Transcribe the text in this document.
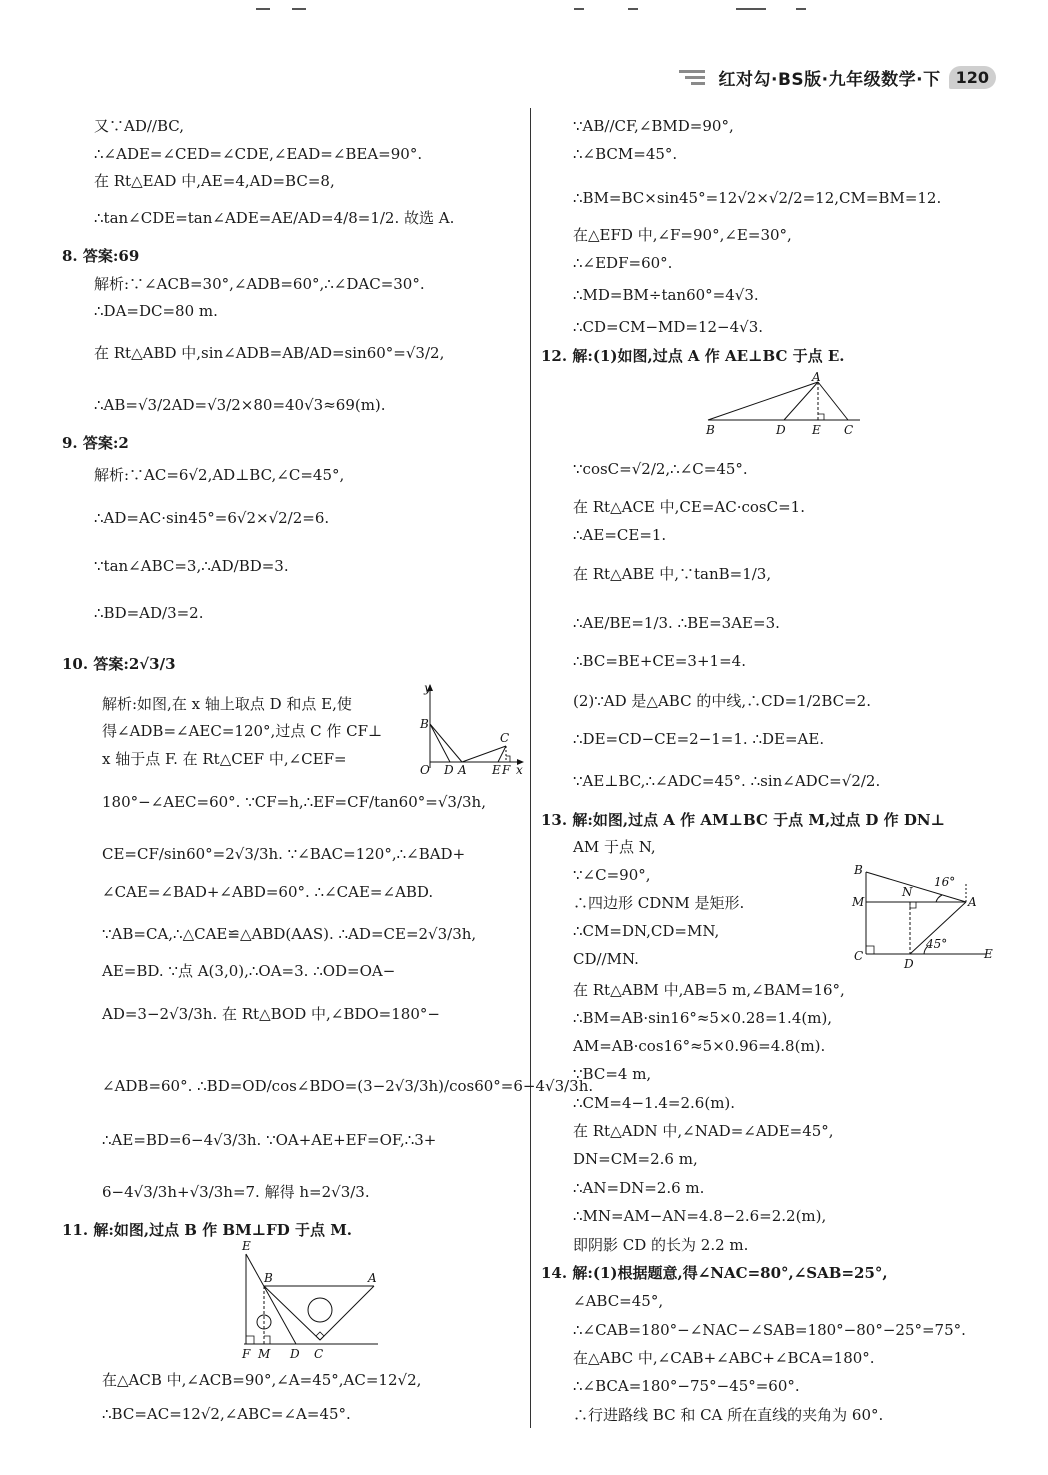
红对勾·BS版·九年级数学·下 120
又∵AD//BC,
∴∠ADE=∠CED=∠CDE,∠EAD=∠BEA=90°.
在 Rt△EAD 中,AE=4,AD=BC=8,
∴tan∠CDE=tan∠ADE=AE/AD=4/8=1/2. 故选 A.
8. 答案:69
解析:∵∠ACB=30°,∠ADB=60°,∴∠DAC=30°.
∴DA=DC=80 m.
在 Rt△ABD 中,sin∠ADB=AB/AD=sin60°=√3/2,
∴AB=√3/2AD=√3/2×80=40√3≈69(m).
9. 答案:2
解析:∵AC=6√2,AD⊥BC,∠C=45°,
∴AD=AC·sin45°=6√2×√2/2=6.
∵tan∠ABC=3,∴AD/BD=3.
∴BD=AD/3=2.
10. 答案:2√3/3
解析:如图,在 x 轴上取点 D 和点 E,使
得∠ADB=∠AEC=120°,过点 C 作 CF⊥
x 轴于点 F. 在 Rt△CEF 中,∠CEF=
180°−∠AEC=60°. ∵CF=h,∴EF=CF/tan60°=√3/3h,
CE=CF/sin60°=2√3/3h. ∵∠BAC=120°,∴∠BAD+
∠CAE=∠BAD+∠ABD=60°. ∴∠CAE=∠ABD.
∵AB=CA,∴△CAE≌△ABD(AAS). ∴AD=CE=2√3/3h,
AE=BD. ∵点 A(3,0),∴OA=3. ∴OD=OA−
AD=3−2√3/3h. 在 Rt△BOD 中,∠BDO=180°−
∠ADB=60°. ∴BD=OD/cos∠BDO=(3−2√3/3h)/cos60°=6−4√3/3h.
∴AE=BD=6−4√3/3h. ∵OA+AE+EF=OF,∴3+
6−4√3/3h+√3/3h=7. 解得 h=2√3/3.
11. 解:如图,过点 B 作 BM⊥FD 于点 M.
在△ACB 中,∠ACB=90°,∠A=45°,AC=12√2,
∴BC=AC=12√2,∠ABC=∠A=45°.
y
B
C
O D A E F x
E
B	A
F M D C
∵AB//CF,∠BMD=90°,
∴∠BCM=45°.
∴BM=BC×sin45°=12√2×√2/2=12,CM=BM=12.
在△EFD 中,∠F=90°,∠E=30°,
∴∠EDF=60°.
∴MD=BM÷tan60°=4√3.
∴CD=CM−MD=12−4√3.
12. 解:(1)如图,过点 A 作 AE⊥BC 于点 E.
∵cosC=√2/2,∴∠C=45°.
在 Rt△ACE 中,CE=AC·cosC=1.
∴AE=CE=1.
在 Rt△ABE 中,∵tanB=1/3,
∴AE/BE=1/3. ∴BE=3AE=3.
∴BC=BE+CE=3+1=4.
(2)∵AD 是△ABC 的中线,∴CD=1/2BC=2.
∴DE=CD−CE=2−1=1. ∴DE=AE.
∵AE⊥BC,∴∠ADC=45°. ∴sin∠ADC=√2/2.
13. 解:如图,过点 A 作 AM⊥BC 于点 M,过点 D 作 DN⊥
AM 于点 N,
∵∠C=90°,
∴四边形 CDNM 是矩形.
∴CM=DN,CD=MN,
CD//MN.
在 Rt△ABM 中,AB=5 m,∠BAM=16°,
∴BM=AB·sin16°≈5×0.28=1.4(m),
AM=AB·cos16°≈5×0.96=4.8(m).
∵BC=4 m,
∴CM=4−1.4=2.6(m).
在 Rt△ADN 中,∠NAD=∠ADE=45°,
DN=CM=2.6 m,
∴AN=DN=2.6 m.
∴MN=AM−AN=4.8−2.6=2.2(m),
即阴影 CD 的长为 2.2 m.
14. 解:(1)根据题意,得∠NAC=80°,∠SAB=25°,
∠ABC=45°,
∴∠CAB=180°−∠NAC−∠SAB=180°−80°−25°=75°.
在△ABC 中,∠CAB+∠ABC+∠BCA=180°.
∴∠BCA=180°−75°−45°=60°.
∴行进路线 BC 和 CA 所在直线的夹角为 60°.
A
B	D E C
B
16°
N
M	A
C
D
45°
E
